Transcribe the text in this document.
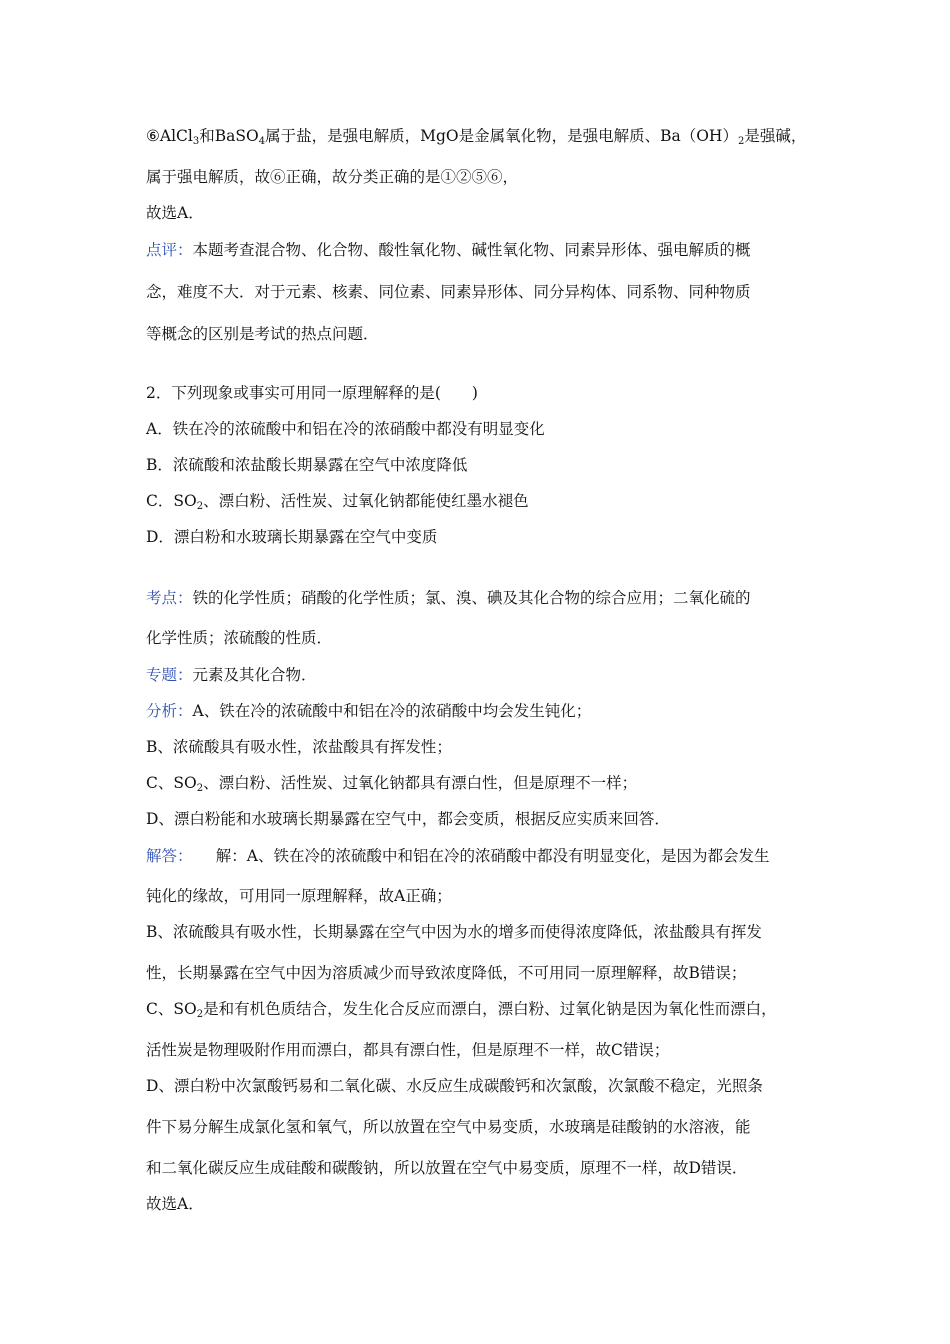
⑥AlCl$_3$和BaSO$_4$属于盐，是强电解质，MgO是金属氧化物，是强电解质、$Ba(OH)_2$是强碱，
属于强电解质，故⑥正确，故分类正确的是①②⑤⑥，
故选A．
点评：本题考查混合物、化合物、酸性氧化物、碱性氧化物、同素异形体、强电解质的概
念，难度不大．对于元素、核素、同位素、同素异形体、同分异构体、同系物、同种物质
等概念的区别是考试的热点问题．
2．下列现象或事实可用同一原理解释的是(　　)
A．铁在冷的浓硫酸中和铝在冷的浓硝酸中都没有明显变化
B．浓硫酸和浓盐酸长期暴露在空气中浓度降低
C．$SO_2$、漂白粉、活性炭、过氧化钠都能使红墨水褪色
D．漂白粉和水玻璃长期暴露在空气中变质
考点：铁的化学性质；硝酸的化学性质；氯、溴、碘及其化合物的综合应用；二氧化硫的
化学性质；浓硫酸的性质．
专题：元素及其化合物．
分析：A、铁在冷的浓硫酸中和铝在冷的浓硝酸中均会发生钝化；
B、浓硫酸具有吸水性，浓盐酸具有挥发性；
C、$SO_2$、漂白粉、活性炭、过氧化钠都具有漂白性，但是原理不一样；
D、漂白粉能和水玻璃长期暴露在空气中，都会变质，根据反应实质来回答．
解答：　　解：A、铁在冷的浓硫酸中和铝在冷的浓硝酸中都没有明显变化，是因为都会发生
钝化的缘故，可用同一原理解释，故A正确；
B、浓硫酸具有吸水性，长期暴露在空气中因为水的增多而使得浓度降低，浓盐酸具有挥发
性，长期暴露在空气中因为溶质减少而导致浓度降低，不可用同一原理解释，故B错误；
C、$SO_2$是和有机色质结合，发生化合反应而漂白，漂白粉、过氧化钠是因为氧化性而漂白，
活性炭是物理吸附作用而漂白，都具有漂白性，但是原理不一样，故C错误；
D、漂白粉中次氯酸钙易和二氧化碳、水反应生成碳酸钙和次氯酸，次氯酸不稳定，光照条
件下易分解生成氯化氢和氧气，所以放置在空气中易变质，水玻璃是硅酸钠的水溶液，能
和二氧化碳反应生成硅酸和碳酸钠，所以放置在空气中易变质，原理不一样，故D错误．
故选A．
